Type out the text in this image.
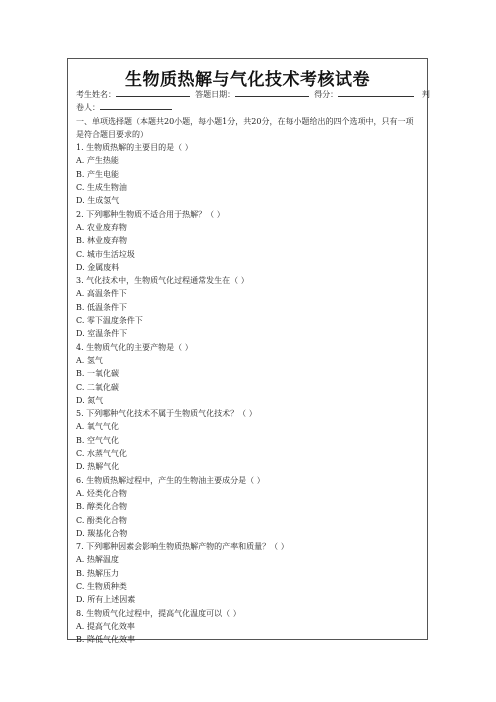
生物质热解与气化技术考核试卷
考生姓名：	答题日期：	得分：	判
卷人：
一、单项选择题（本题共20小题，每小题1分，共20分，在每小题给出的四个选项中，只有一项是符合题目要求的）
1. 生物质热解的主要目的是（ ）
A. 产生热能
B. 产生电能
C. 生成生物油
D. 生成氢气
2. 下列哪种生物质不适合用于热解？（ ）
A. 农业废弃物
B. 林业废弃物
C. 城市生活垃圾
D. 金属废料
3. 气化技术中，生物质气化过程通常发生在（ ）
A. 高温条件下
B. 低温条件下
C. 零下温度条件下
D. 室温条件下
4. 生物质气化的主要产物是（ ）
A. 氢气
B. 一氧化碳
C. 二氧化碳
D. 氮气
5. 下列哪种气化技术不属于生物质气化技术？（ ）
A. 氧气气化
B. 空气气化
C. 水蒸气气化
D. 热解气化
6. 生物质热解过程中，产生的生物油主要成分是（ ）
A. 烃类化合物
B. 醇类化合物
C. 酚类化合物
D. 羰基化合物
7. 下列哪种因素会影响生物质热解产物的产率和质量？（ ）
A. 热解温度
B. 热解压力
C. 生物质种类
D. 所有上述因素
8. 生物质气化过程中，提高气化温度可以（ ）
A. 提高气化效率
B. 降低气化效率
